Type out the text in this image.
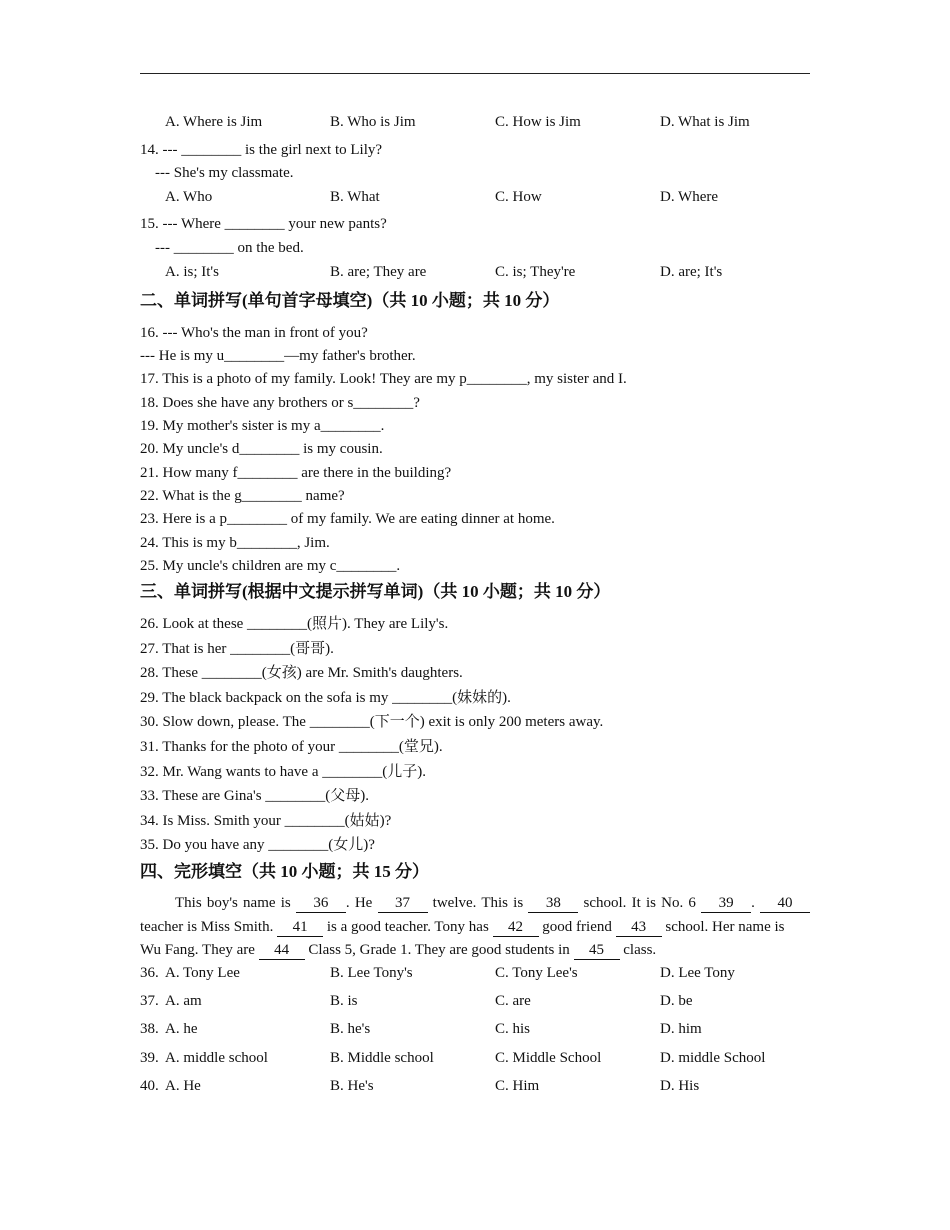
A. Where is Jim	B. Who is Jim	C. How is Jim	D. What is Jim
14. --- ________ is the girl next to Lily?
--- She's my classmate.
A. Who	B. What	C. How	D. Where
15. --- Where ________ your new pants?
--- ________ on the bed.
A. is; It's	B. are; They are	C. is; They're	D. are; It's
二、单词拼写(单句首字母填空)（共 10 小题；共 10 分）
16. --- Who's the man in front of you?
--- He is my u________—my father's brother.
17. This is a photo of my family. Look! They are my p________, my sister and I.
18. Does she have any brothers or s________?
19. My mother's sister is my a________.
20. My uncle's d________ is my cousin.
21. How many f________ are there in the building?
22. What is the g________ name?
23. Here is a p________ of my family. We are eating dinner at home.
24. This is my b________, Jim.
25. My uncle's children are my c________.
三、单词拼写(根据中文提示拼写单词)（共 10 小题；共 10 分）
26. Look at these ________(照片). They are Lily's.
27. That is her ________(哥哥).
28. These ________(女孩) are Mr. Smith's daughters.
29. The black backpack on the sofa is my ________(妹妹的).
30. Slow down, please. The ________(下一个) exit is only 200 meters away.
31. Thanks for the photo of your ________(堂兄).
32. Mr. Wang wants to have a ________(儿子).
33. These are Gina's ________(父母).
34. Is Miss. Smith your ________(姑姑)?
35. Do you have any ________(女儿)?
四、完形填空（共 10 小题；共 15 分）
This boy's name is 36 . He 37 twelve. This is 38 school. It is No. 6 39 . 40 teacher is Miss Smith. 41 is a good teacher. Tony has 42 good friend 43 school. Her name is
Wu Fang. They are 44 Class 5, Grade 1. They are good students in 45 class.
36. A. Tony Lee	B. Lee Tony's	C. Tony Lee's	D. Lee Tony
37. A. am	B. is	C. are	D. be
38. A. he	B. he's	C. his	D. him
39. A. middle school	B. Middle school	C. Middle School	D. middle School
40. A. He	B. He's	C. Him	D. His
